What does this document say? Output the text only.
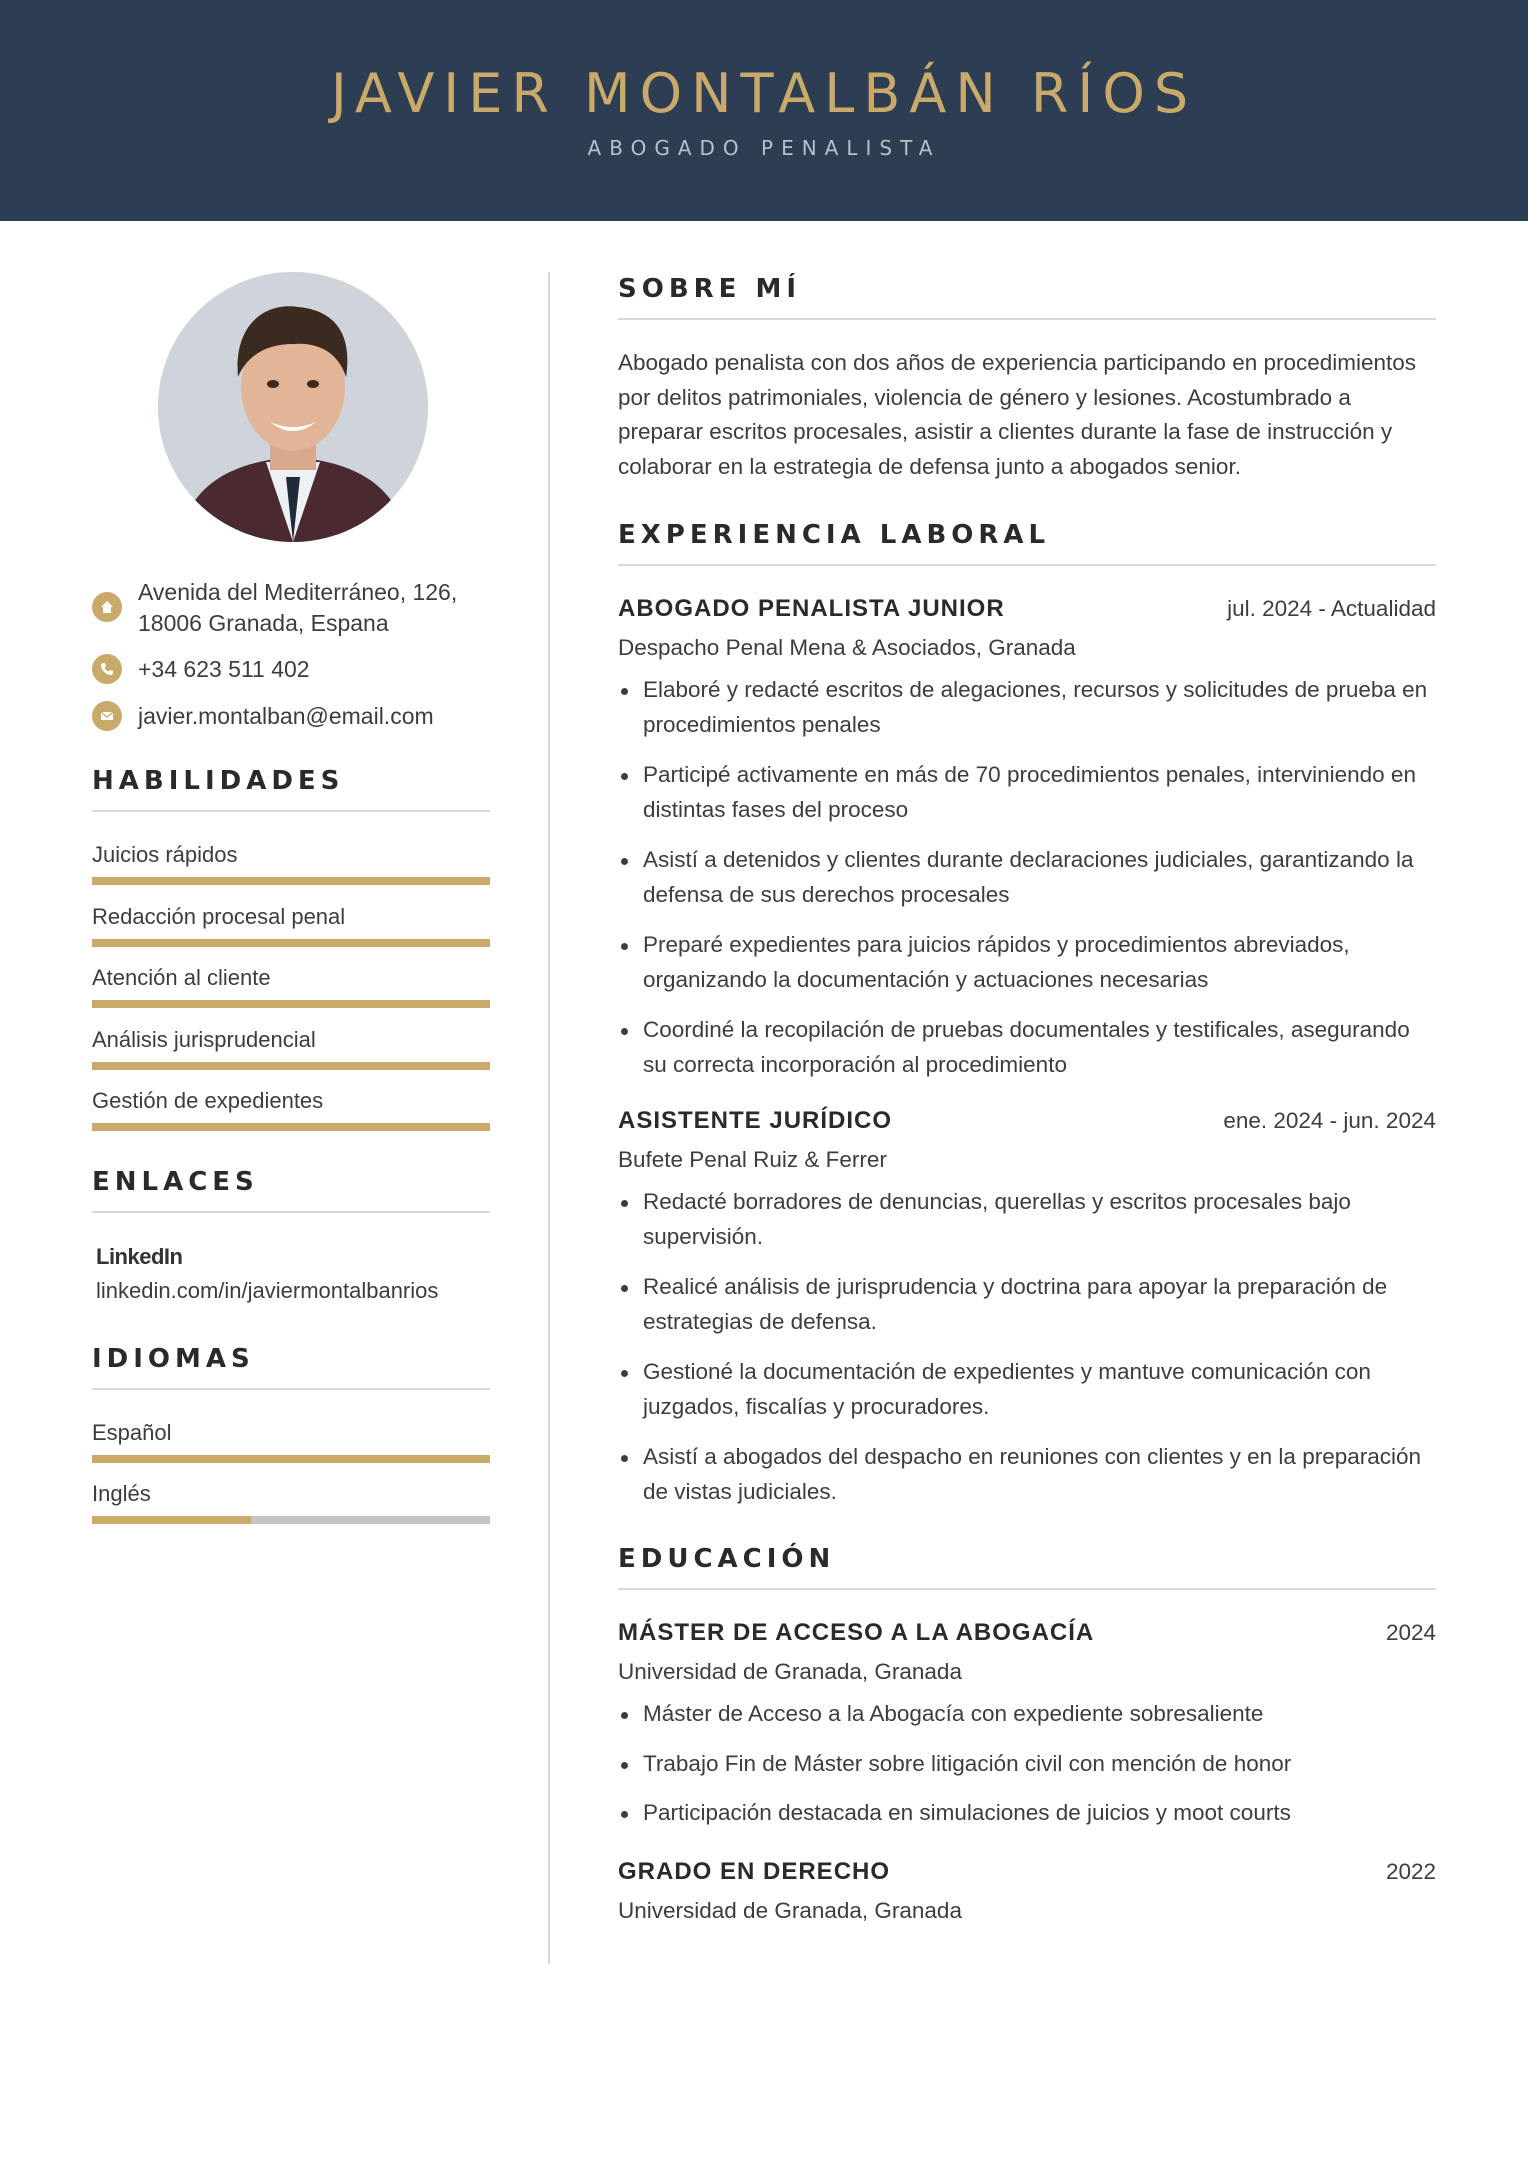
JAVIER MONTALBÁN RÍOS
ABOGADO PENALISTA
Avenida del Mediterráneo, 126,
18006 Granada, Espana
+34 623 511 402
javier.montalban@email.com
HABILIDADES
Juicios rápidos
Redacción procesal penal
Atención al cliente
Análisis jurisprudencial
Gestión de expedientes
ENLACES
LinkedIn
linkedin.com/in/javiermontalbanrios
IDIOMAS
Español
Inglés
SOBRE MÍ

Abogado penalista con dos años de experiencia participando en procedimientos por delitos patrimoniales, violencia de género y lesiones. Acostumbrado a preparar escritos procesales, asistir a clientes durante la fase de instrucción y colaborar en la estrategia de defensa junto a abogados senior.

EXPERIENCIA LABORAL
ABOGADO PENALISTA JUNIOR	jul. 2024 - Actualidad
Despacho Penal Mena & Asociados, Granada
Elaboré y redacté escritos de alegaciones, recursos y solicitudes de prueba en procedimientos penales
Participé activamente en más de 70 procedimientos penales, interviniendo en distintas fases del proceso
Asistí a detenidos y clientes durante declaraciones judiciales, garantizando la defensa de sus derechos procesales
Preparé expedientes para juicios rápidos y procedimientos abreviados, organizando la documentación y actuaciones necesarias
Coordiné la recopilación de pruebas documentales y testificales, asegurando su correcta incorporación al procedimiento
ASISTENTE JURÍDICO	ene. 2024 - jun. 2024
Bufete Penal Ruiz & Ferrer
Redacté borradores de denuncias, querellas y escritos procesales bajo supervisión.
Realicé análisis de jurisprudencia y doctrina para apoyar la preparación de estrategias de defensa.
Gestioné la documentación de expedientes y mantuve comunicación con juzgados, fiscalías y procuradores.
Asistí a abogados del despacho en reuniones con clientes y en la preparación de vistas judiciales.
EDUCACIÓN
MÁSTER DE ACCESO A LA ABOGACÍA	2024
Universidad de Granada, Granada
Máster de Acceso a la Abogacía con expediente sobresaliente
Trabajo Fin de Máster sobre litigación civil con mención de honor
Participación destacada en simulaciones de juicios y moot courts
GRADO EN DERECHO	2022
Universidad de Granada, Granada
